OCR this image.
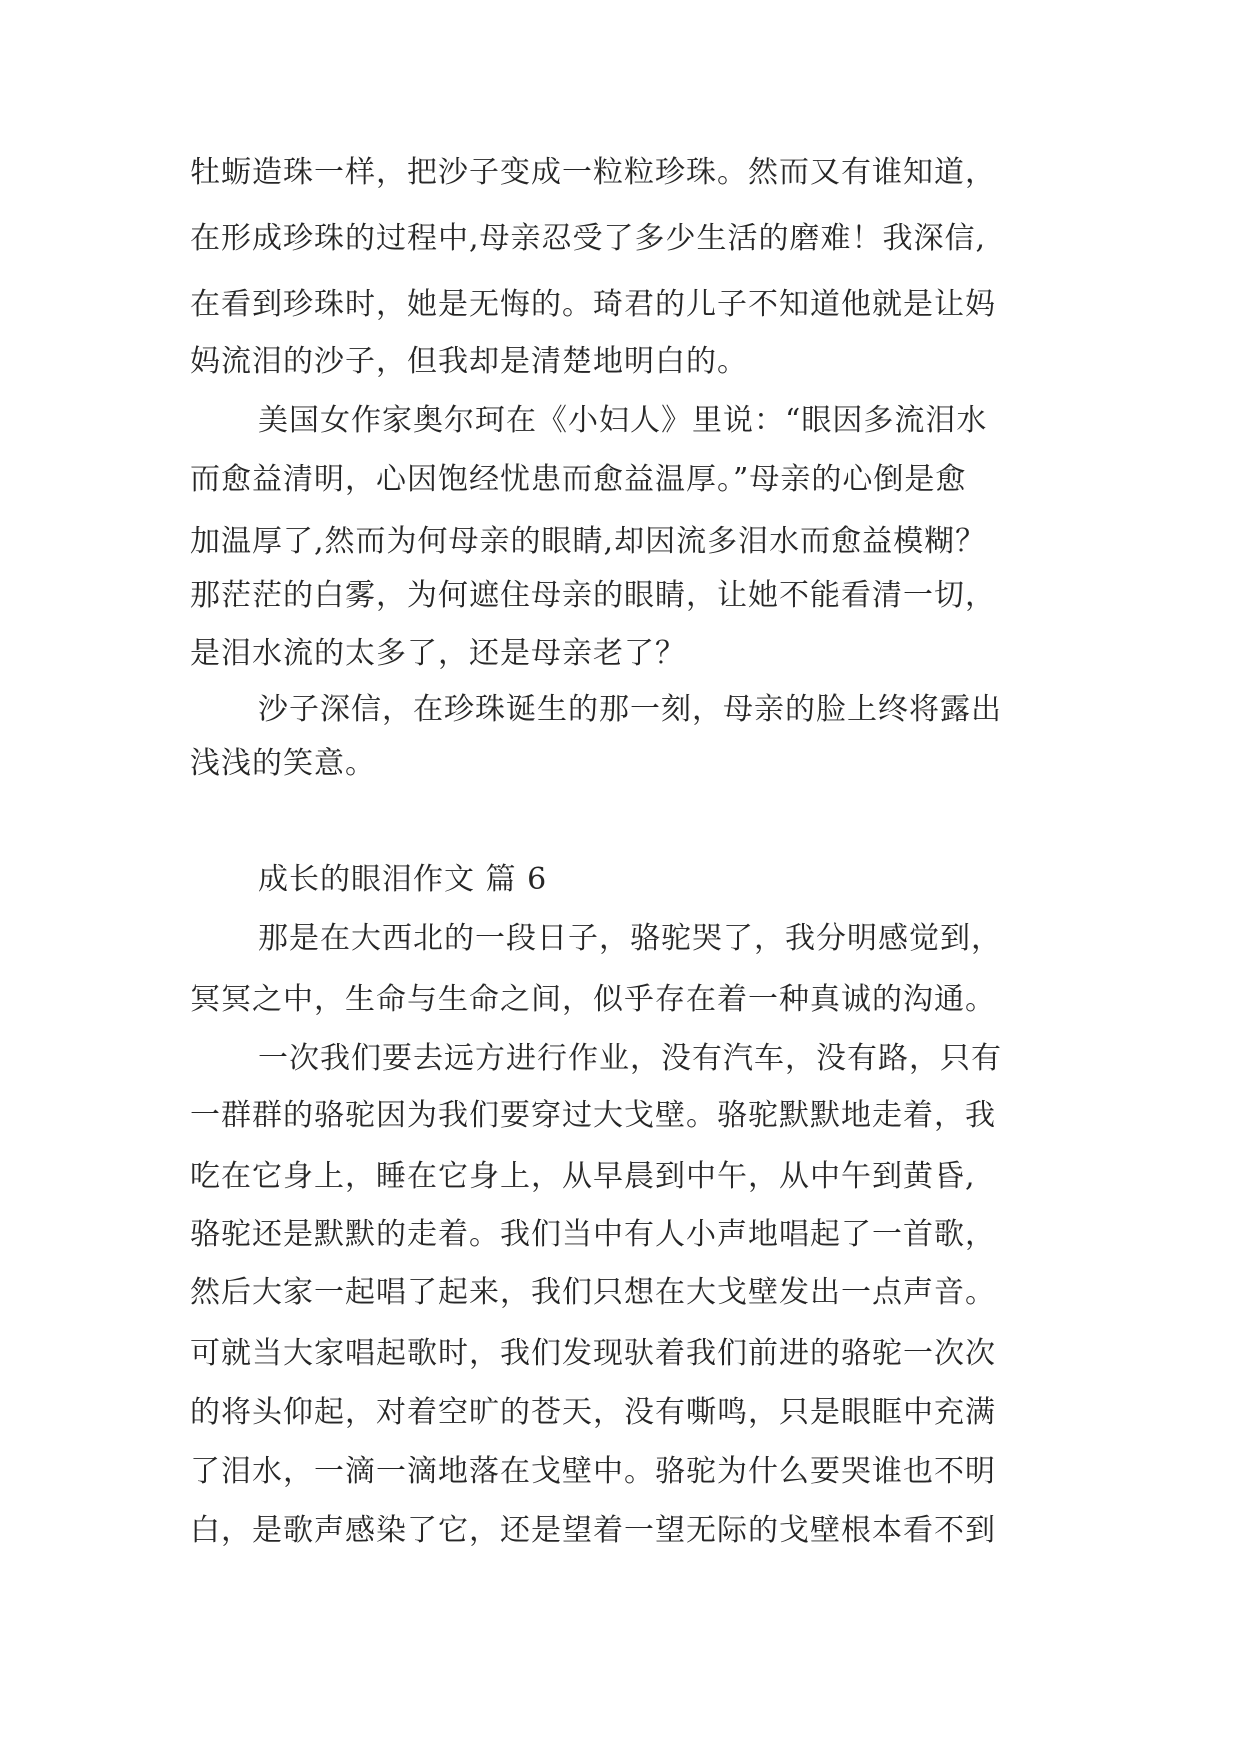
牡蛎造珠一样，把沙子变成一粒粒珍珠。然而又有谁知道，

在形成珍珠的过程中,母亲忍受了多少生活的磨难！我深信,

在看到珍珠时，她是无悔的。琦君的儿子不知道他就是让妈

妈流泪的沙子，但我却是清楚地明白的。

美国女作家奥尔珂在《小妇人》里说：“眼因多流泪水

而愈益清明，心因饱经忧患而愈益温厚。”母亲的心倒是愈

加温厚了,然而为何母亲的眼睛,却因流多泪水而愈益模糊？

那茫茫的白雾，为何遮住母亲的眼睛，让她不能看清一切，

是泪水流的太多了，还是母亲老了？

沙子深信，在珍珠诞生的那一刻，母亲的脸上终将露出

浅浅的笑意。

成长的眼泪作文 篇 6

那是在大西北的一段日子，骆驼哭了，我分明感觉到，

冥冥之中，生命与生命之间，似乎存在着一种真诚的沟通。

一次我们要去远方进行作业，没有汽车，没有路，只有

一群群的骆驼因为我们要穿过大戈壁。骆驼默默地走着，我

吃在它身上，睡在它身上，从早晨到中午，从中午到黄昏,

骆驼还是默默的走着。我们当中有人小声地唱起了一首歌，

然后大家一起唱了起来，我们只想在大戈壁发出一点声音。

可就当大家唱起歌时，我们发现驮着我们前进的骆驼一次次

的将头仰起，对着空旷的苍天，没有嘶鸣，只是眼眶中充满

了泪水，一滴一滴地落在戈壁中。骆驼为什么要哭谁也不明

白，是歌声感染了它，还是望着一望无际的戈壁根本看不到
